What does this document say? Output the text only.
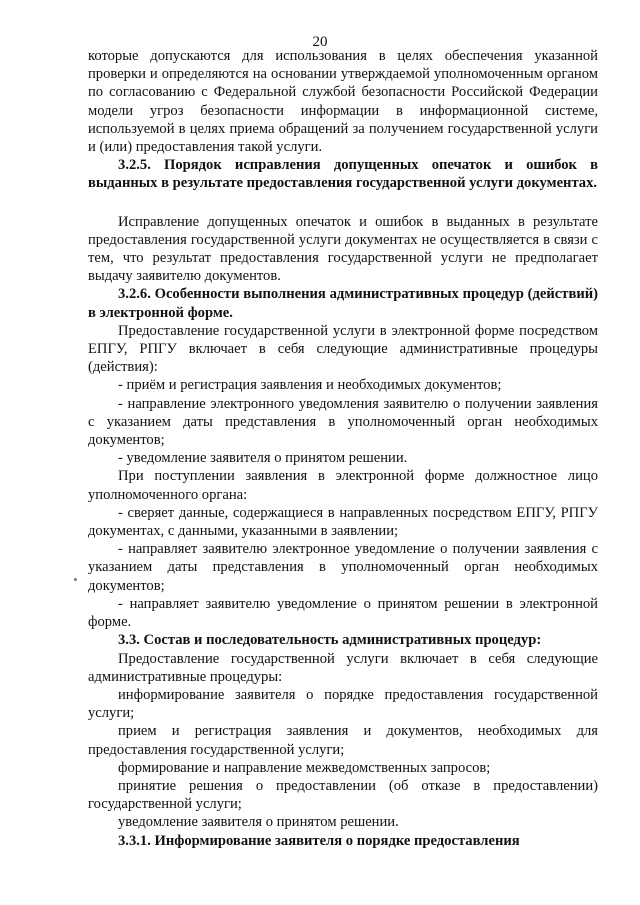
20

которые допускаются для использования в целях обеспечения указанной проверки и определяются на основании утверждаемой уполномоченным органом по согласованию с Федеральной службой безопасности Российской Федерации модели угроз безопасности информации в информационной системе, используемой в целях приема обращений за получением государственной услуги и (или) предоставления такой услуги.

3.2.5. Порядок исправления допущенных опечаток и ошибок в выданных в результате предоставления государственной услуги документах.

Исправление допущенных опечаток и ошибок в выданных в результате предоставления государственной услуги документах не осуществляется в связи с тем, что результат предоставления государственной услуги не предполагает выдачу заявителю документов.

3.2.6. Особенности выполнения административных процедур (действий) в электронной форме.

Предоставление государственной услуги в электронной форме посредством ЕПГУ, РПГУ включает в себя следующие административные процедуры (действия):

- приём и регистрация заявления и необходимых документов;

- направление электронного уведомления заявителю о получении заявления с указанием даты представления в уполномоченный орган необходимых документов;

- уведомление заявителя о принятом решении.

При поступлении заявления в электронной форме должностное лицо уполномоченного органа:

- сверяет данные, содержащиеся в направленных посредством ЕПГУ, РПГУ документах, с данными, указанными в заявлении;

- направляет заявителю электронное уведомление о получении заявления с указанием даты представления в уполномоченный орган необходимых документов;

- направляет заявителю уведомление о принятом решении в электронной форме.

3.3. Состав и последовательность административных процедур:

Предоставление государственной услуги включает в себя следующие административные процедуры:

информирование заявителя о порядке предоставления государственной услуги;

прием и регистрация заявления и документов, необходимых для предоставления государственной услуги;

формирование и направление межведомственных запросов;

принятие решения о предоставлении (об отказе в предоставлении) государственной услуги;

уведомление заявителя о принятом решении.

3.3.1. Информирование заявителя о порядке предоставления
